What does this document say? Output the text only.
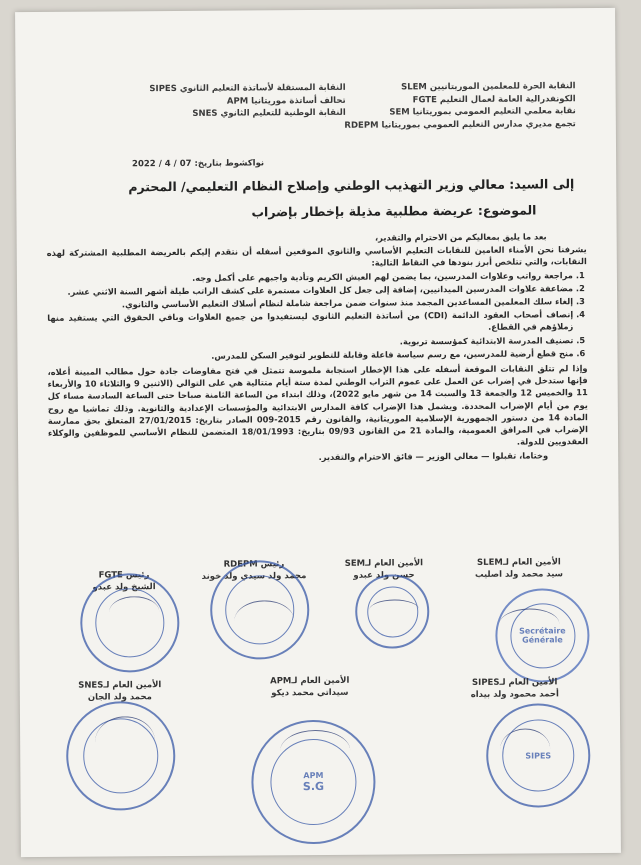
النقابة الحرة للمعلمين الموريتانيين SLEM
الكونفدرالية العامة لعمال التعليم FGTE
نقابة معلمي التعليم العمومي بموريتانيا SEM
تجمع مديري مدارس التعليم العمومي بموريتانيا RDEPM
النقابة المستقلة لأساتذة التعليم الثانوي SIPES
تحالف أساتذة موريتانيا APM
النقابة الوطنية للتعليم الثانوي SNES
نواكشوط بتاريخ: 07 / 4 / 2022
إلى السيد: معالي وزير التهذيب الوطني وإصلاح النظام التعليمي/ المحترم
الموضوع: عريضة مطلبية مذيلة بإخطار بإضراب

بعد ما يليق بمعاليكم من الاحترام والتقدير،

يشرفنا نحن الأمناء العامين للنقابات التعليم الأساسي والثانوي الموقعين أسفله أن نتقدم إليكم بالعريضة المطلبية المشتركة لهذه النقابات، والتي تتلخص أبرز بنودها في النقاط التالية:

1. مراجعة رواتب وعلاوات المدرسين، بما يضمن لهم العيش الكريم وتأدية واجبهم على أكمل وجه.
2. مضاعفة علاوات المدرسين الميدانيين، إضافة إلى جعل كل العلاوات مستمرة على كشف الراتب طيلة أشهر السنة الاثني عشر.
3. إلغاء سلك المعلمين المساعدين المجمد منذ سنوات ضمن مراجعة شاملة لنظام أسلاك التعليم الأساسي والثانوي.
4. إنصاف أصحاب العقود الدائمة (CDI) من أساتذة التعليم الثانوي ليستفيدوا من جميع العلاوات وباقي الحقوق التي يستفيد منها زملاؤهم في القطاع.
5. تصنيف المدرسة الابتدائية كمؤسسة تربوية.
6. منح قطع أرضية للمدرسين، مع رسم سياسة فاعلة وقابلة للتطوير لتوفير السكن للمدرس.

وإذا لم تتلق النقابات الموقعة أسفله على هذا الإخطار استجابة ملموسة تتمثل في فتح مفاوضات جادة حول مطالب المبينة أعلاه، فإنها ستدخل في إضراب عن العمل على عموم التراب الوطني لمدة ستة أيام متتالية هي على التوالي (الاثنين 9 والثلاثاء 10 والأربعاء 11 والخميس 12 والجمعة 13 والسبت 14 من شهر مايو 2022)، وذلك ابتداء من الساعة الثامنة صباحا حتى الساعة السادسة مساء كل يوم من أيام الإضراب المحددة. ويشمل هذا الإضراب كافة المدارس الابتدائية والمؤسسات الإعدادية والثانوية. وذلك تماشيا مع روح المادة 14 من دستور الجمهورية الإسلامية الموريتانية، والقانون رقم 2015-009 الصادر بتاريخ: 27/01/2015 المتعلق بحق ممارسة الإضراب في المرافق العمومية، والمادة 21 من القانون 09/93 بتاريخ: 18/01/1993 المتضمن للنظام الأساسي للموظفين والوكلاء العقدويين للدولة.

وختاما، تقبلوا — معالي الوزير — فائق الاحترام والتقدير.

الأمين العام لـSLEM
سيد محمد ولد اصليب
الأمين العام لـSEM
حسن ولد عبدو
رئيس RDEPM
محمد ولد سيدي ولد خوند
رئيس FGTE
الشيخ ولد عبدو
Secrétaire Générale
الأمين العام لـSIPES
أحمد محمود ولد بيداه
الأمين العام لـAPM
سيداتي محمد ديكو
الأمين العام لـSNES
محمد ولد الجان
SIPES
APM
S.G
